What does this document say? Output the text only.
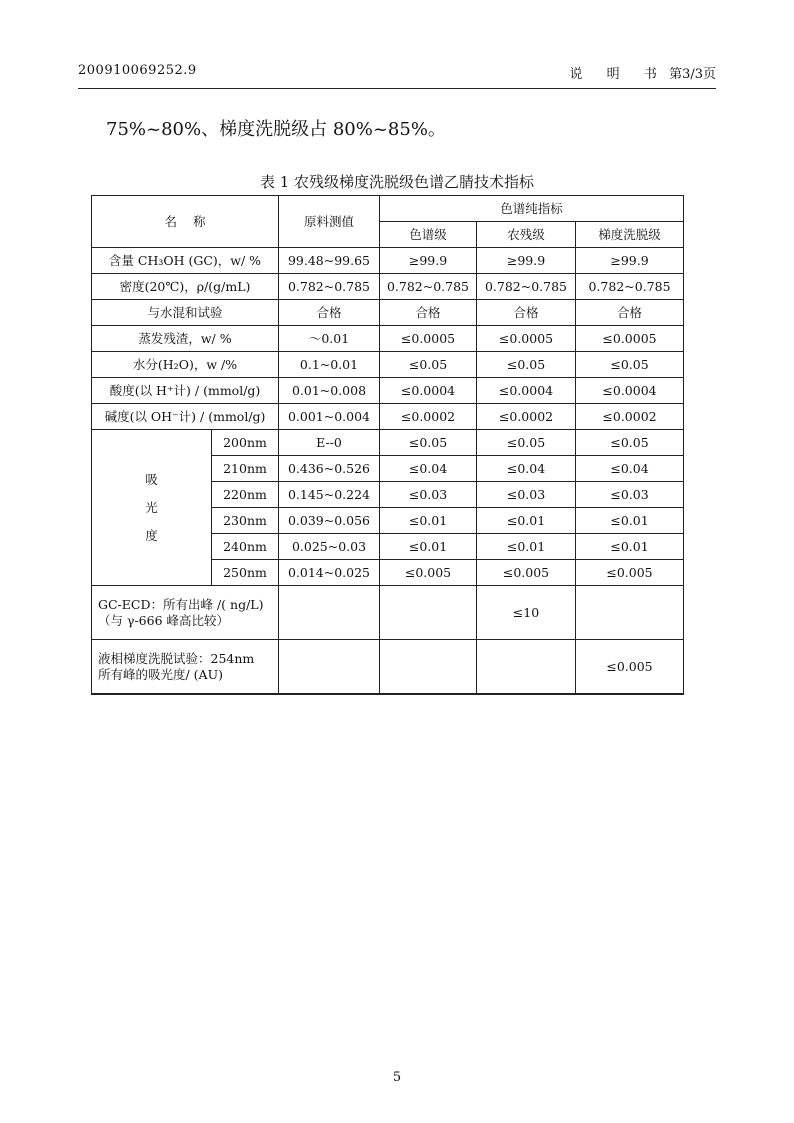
200910069252.9	说  明  书 第3/3页
75%~80%、梯度洗脱级占 80%~85%。
表 1 农残级梯度洗脱级色谱乙腈技术指标
名    称		原料测值	色谱纯指标		
			色谱级	农残级	梯度洗脱级
含量 CH₃OH (GC)，w/ %		99.48~99.65	≥99.9	≥99.9	≥99.9
密度(20℃)，ρ/(g/mL)		0.782~0.785	0.782~0.785	0.782~0.785	0.782~0.785
与水混和试验		合格	合格	合格	合格
蒸发残渣，w/ %		～0.01	≤0.0005	≤0.0005	≤0.0005
水分(H₂O)，w /%		0.1~0.01	≤0.05	≤0.05	≤0.05
酸度(以 H⁺计) / (mmol/g)		0.01~0.008	≤0.0004	≤0.0004	≤0.0004
碱度(以 OH⁻计) / (mmol/g)		0.001~0.004	≤0.0002	≤0.0002	≤0.0002

吸
光
度	200nm	E--0	≤0.05	≤0.05	≤0.05
	210nm	0.436~0.526	≤0.04	≤0.04	≤0.04
	220nm	0.145~0.224	≤0.03	≤0.03	≤0.03
	230nm	0.039~0.056	≤0.01	≤0.01	≤0.01
	240nm	0.025~0.03	≤0.01	≤0.01	≤0.01
	250nm	0.014~0.025	≤0.005	≤0.005	≤0.005

GC-ECD：所有出峰 /( ng/L)
（与 γ-666 峰高比较）				≤10	

液相梯度洗脱试验：254nm
所有峰的吸光度/ (AU)					≤0.005
5
